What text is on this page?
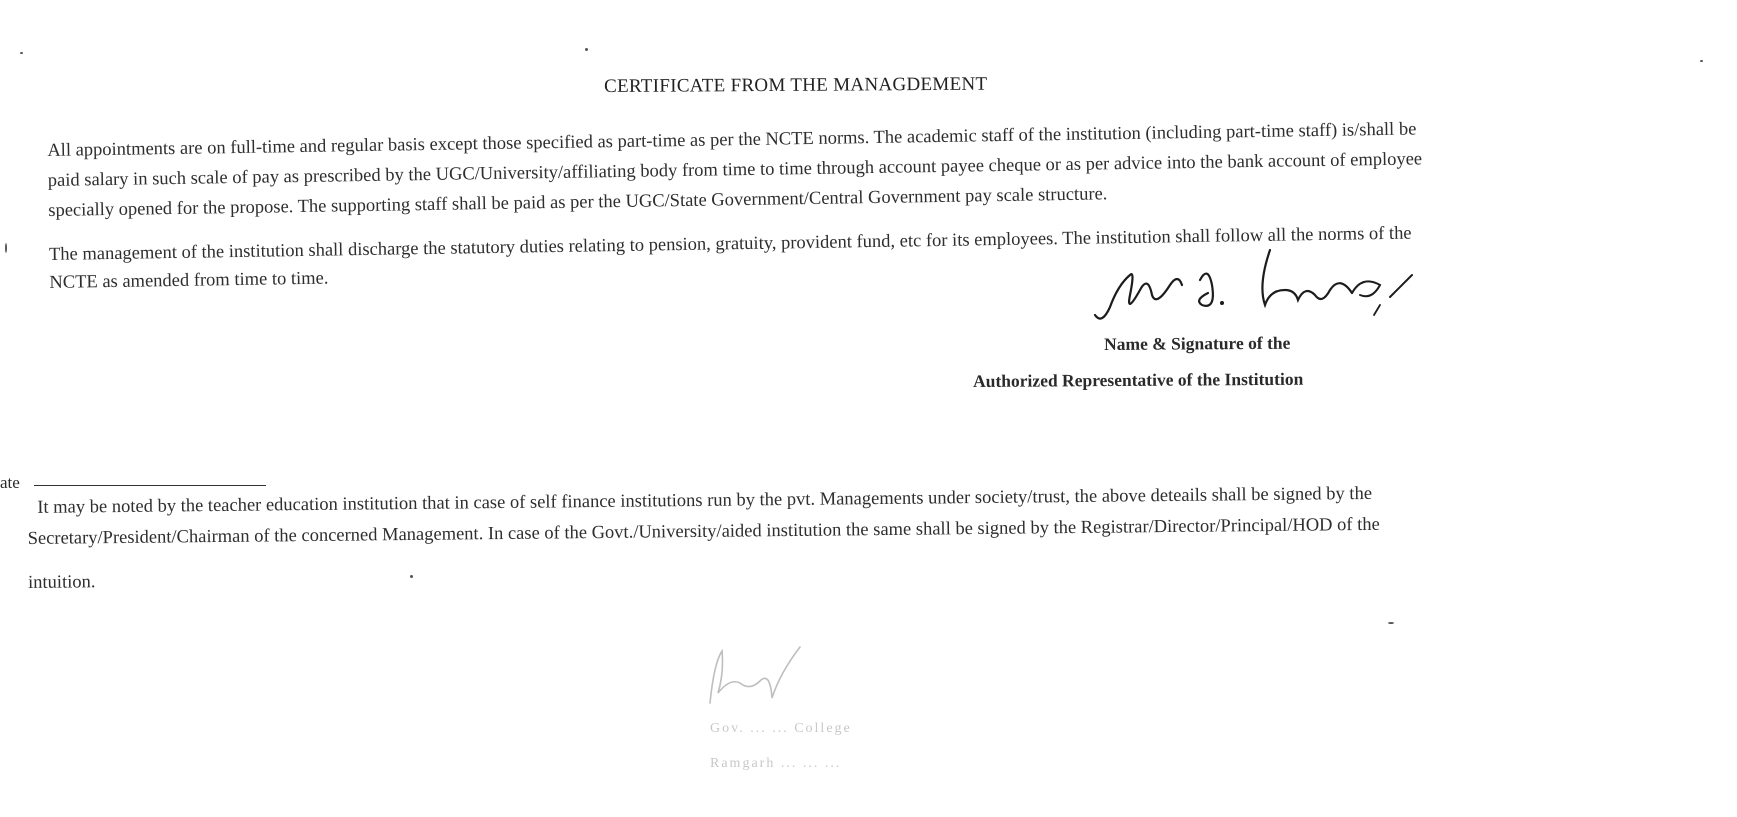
CERTIFICATE FROM THE MANAGDEMENT
All appointments are on full-time and regular basis except those specified as part-time as per the NCTE norms. The academic staff of the institution (including part-time staff) is/shall be
paid salary in such scale of pay as prescribed by the UGC/University/affiliating body from time to time through account payee cheque or as per advice into the bank account of employee
specially opened for the propose. The supporting staff shall be paid as per the UGC/State Government/Central Government pay scale structure.
The management of the institution shall discharge the statutory duties relating to pension, gratuity, provident fund, etc for its employees. The institution shall follow all the norms of the
NCTE as amended from time to time.
Name & Signature of the
Authorized Representative of the Institution
ate
It may be noted by the teacher education institution that in case of self finance institutions run by the pvt. Managements under society/trust, the above deteails shall be signed by the
Secretary/President/Chairman of the concerned Management. In case of the Govt./University/aided institution the same shall be signed by the Registrar/Director/Principal/HOD of the
intuition.
Gov. ... ... College
Ramgarh ... ... ...
